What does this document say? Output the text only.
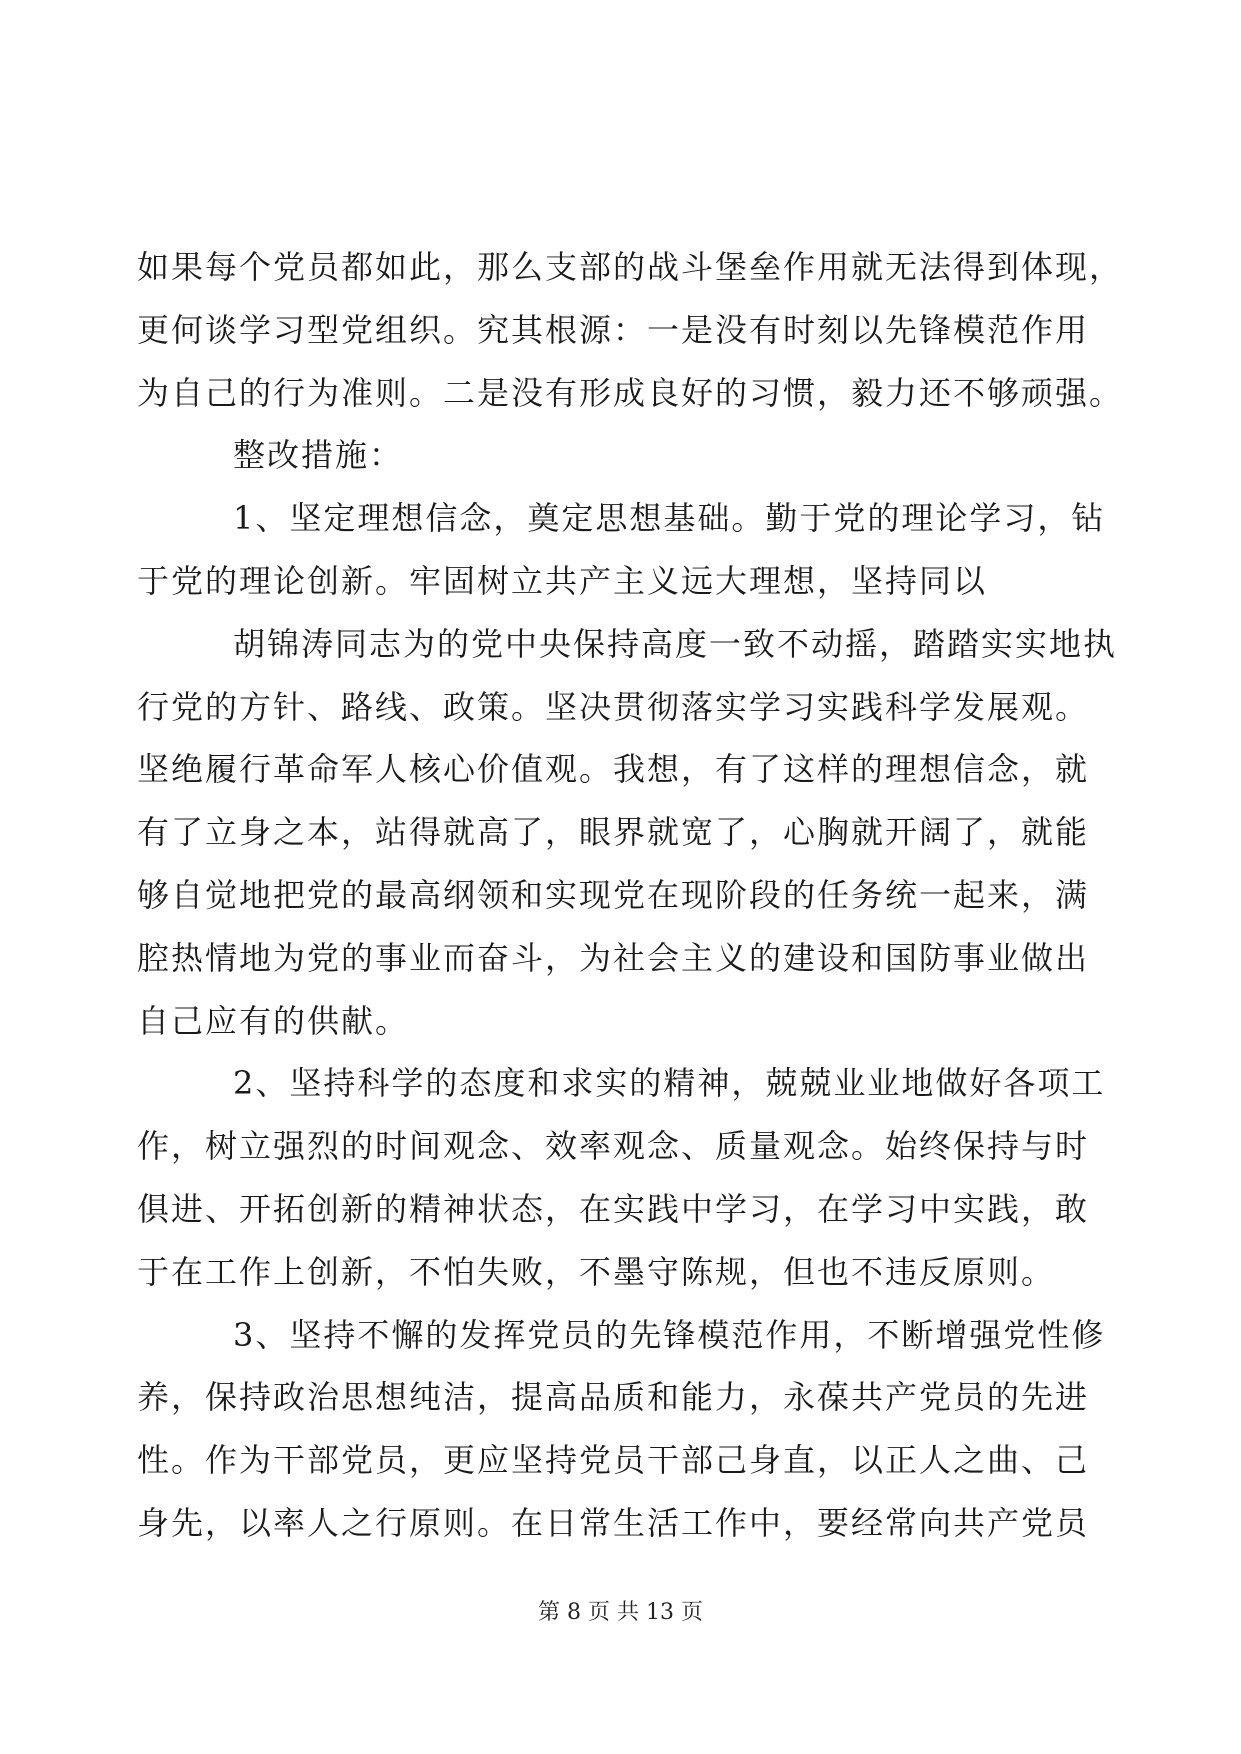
如果每个党员都如此，那么支部的战斗堡垒作用就无法得到体现，
更何谈学习型党组织。究其根源：一是没有时刻以先锋模范作用
为自己的行为准则。二是没有形成良好的习惯，毅力还不够顽强。
整改措施：
1、坚定理想信念，奠定思想基础。勤于党的理论学习，钻
于党的理论创新。牢固树立共产主义远大理想，坚持同以
胡锦涛同志为的党中央保持高度一致不动摇，踏踏实实地执
行党的方针、路线、政策。坚决贯彻落实学习实践科学发展观。
坚绝履行革命军人核心价值观。我想，有了这样的理想信念，就
有了立身之本，站得就高了，眼界就宽了，心胸就开阔了，就能
够自觉地把党的最高纲领和实现党在现阶段的任务统一起来，满
腔热情地为党的事业而奋斗，为社会主义的建设和国防事业做出
自己应有的供献。
2、坚持科学的态度和求实的精神，兢兢业业地做好各项工
作，树立强烈的时间观念、效率观念、质量观念。始终保持与时
俱进、开拓创新的精神状态，在实践中学习，在学习中实践，敢
于在工作上创新，不怕失败，不墨守陈规，但也不违反原则。
3、坚持不懈的发挥党员的先锋模范作用，不断增强党性修
养，保持政治思想纯洁，提高品质和能力，永葆共产党员的先进
性。作为干部党员，更应坚持党员干部己身直，以正人之曲、己
身先，以率人之行原则。在日常生活工作中，要经常向共产党员
第 8 页 共 13 页
